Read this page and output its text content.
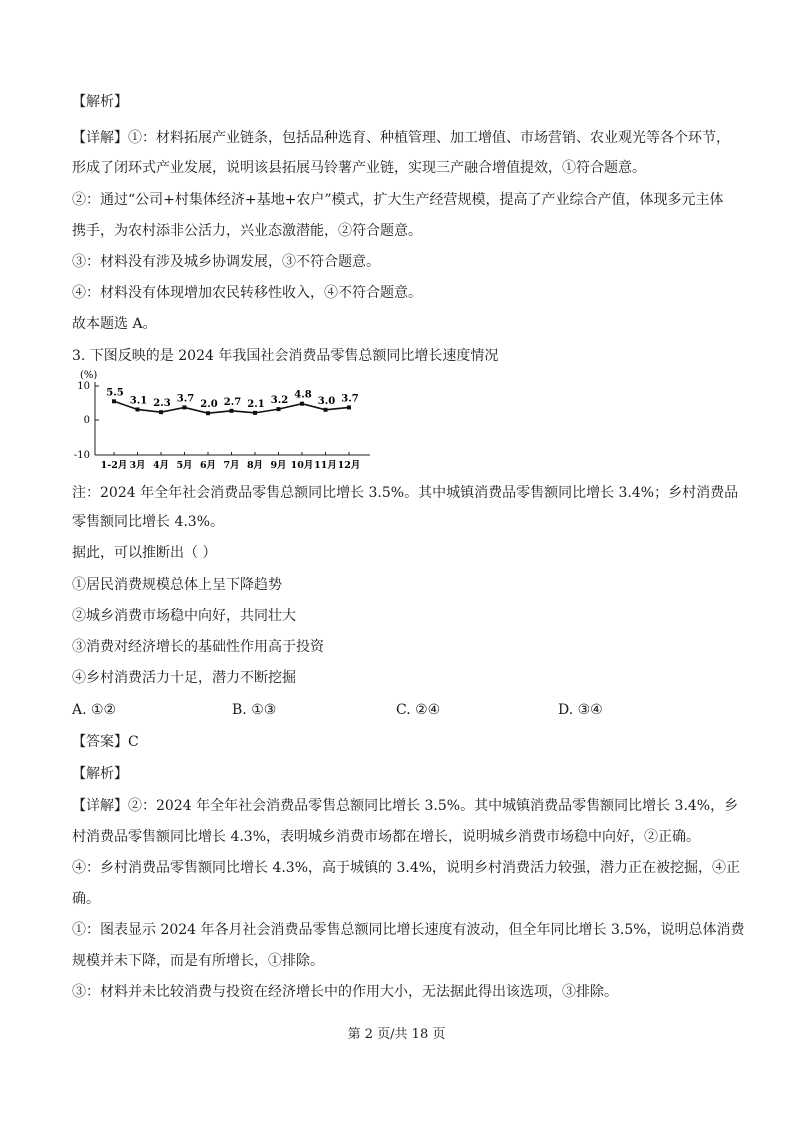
【解析】
【详解】①：材料拓展产业链条，包括品种选育、种植管理、加工增值、市场营销、农业观光等各个环节，
形成了闭环式产业发展，说明该县拓展马铃薯产业链，实现三产融合增值提效，①符合题意。
②：通过“公司+村集体经济+基地+农户”模式，扩大生产经营规模，提高了产业综合产值，体现多元主体
携手，为农村添非公活力，兴业态激潜能，②符合题意。
③：材料没有涉及城乡协调发展，③不符合题意。
④：材料没有体现增加农民转移性收入，④不符合题意。
故本题选 A。
3. 下图反映的是 2024 年我国社会消费品零售总额同比增长速度情况
(%)
10
0
-10
5.5
1-2月
3.1
3月
2.3
4月
3.7
5月
2.0
6月
2.7
7月
2.1
8月
3.2
9月
4.8
10月
3.0
11月
3.7
12月
注：2024 年全年社会消费品零售总额同比增长 3.5%。其中城镇消费品零售额同比增长 3.4%；乡村消费品
零售额同比增长 4.3%。
据此，可以推断出（ ）
①居民消费规模总体上呈下降趋势
②城乡消费市场稳中向好，共同壮大
③消费对经济增长的基础性作用高于投资
④乡村消费活力十足，潜力不断挖掘
A. ①②	B. ①③	C. ②④	D. ③④
【答案】C
【解析】
【详解】②：2024 年全年社会消费品零售总额同比增长 3.5%。其中城镇消费品零售额同比增长 3.4%，乡
村消费品零售额同比增长 4.3%，表明城乡消费市场都在增长，说明城乡消费市场稳中向好，②正确。
④：乡村消费品零售额同比增长 4.3%，高于城镇的 3.4%，说明乡村消费活力较强，潜力正在被挖掘，④正
确。
①：图表显示 2024 年各月社会消费品零售总额同比增长速度有波动，但全年同比增长 3.5%，说明总体消费
规模并未下降，而是有所增长，①排除。
③：材料并未比较消费与投资在经济增长中的作用大小，无法据此得出该选项，③排除。
第 2 页/共 18 页
